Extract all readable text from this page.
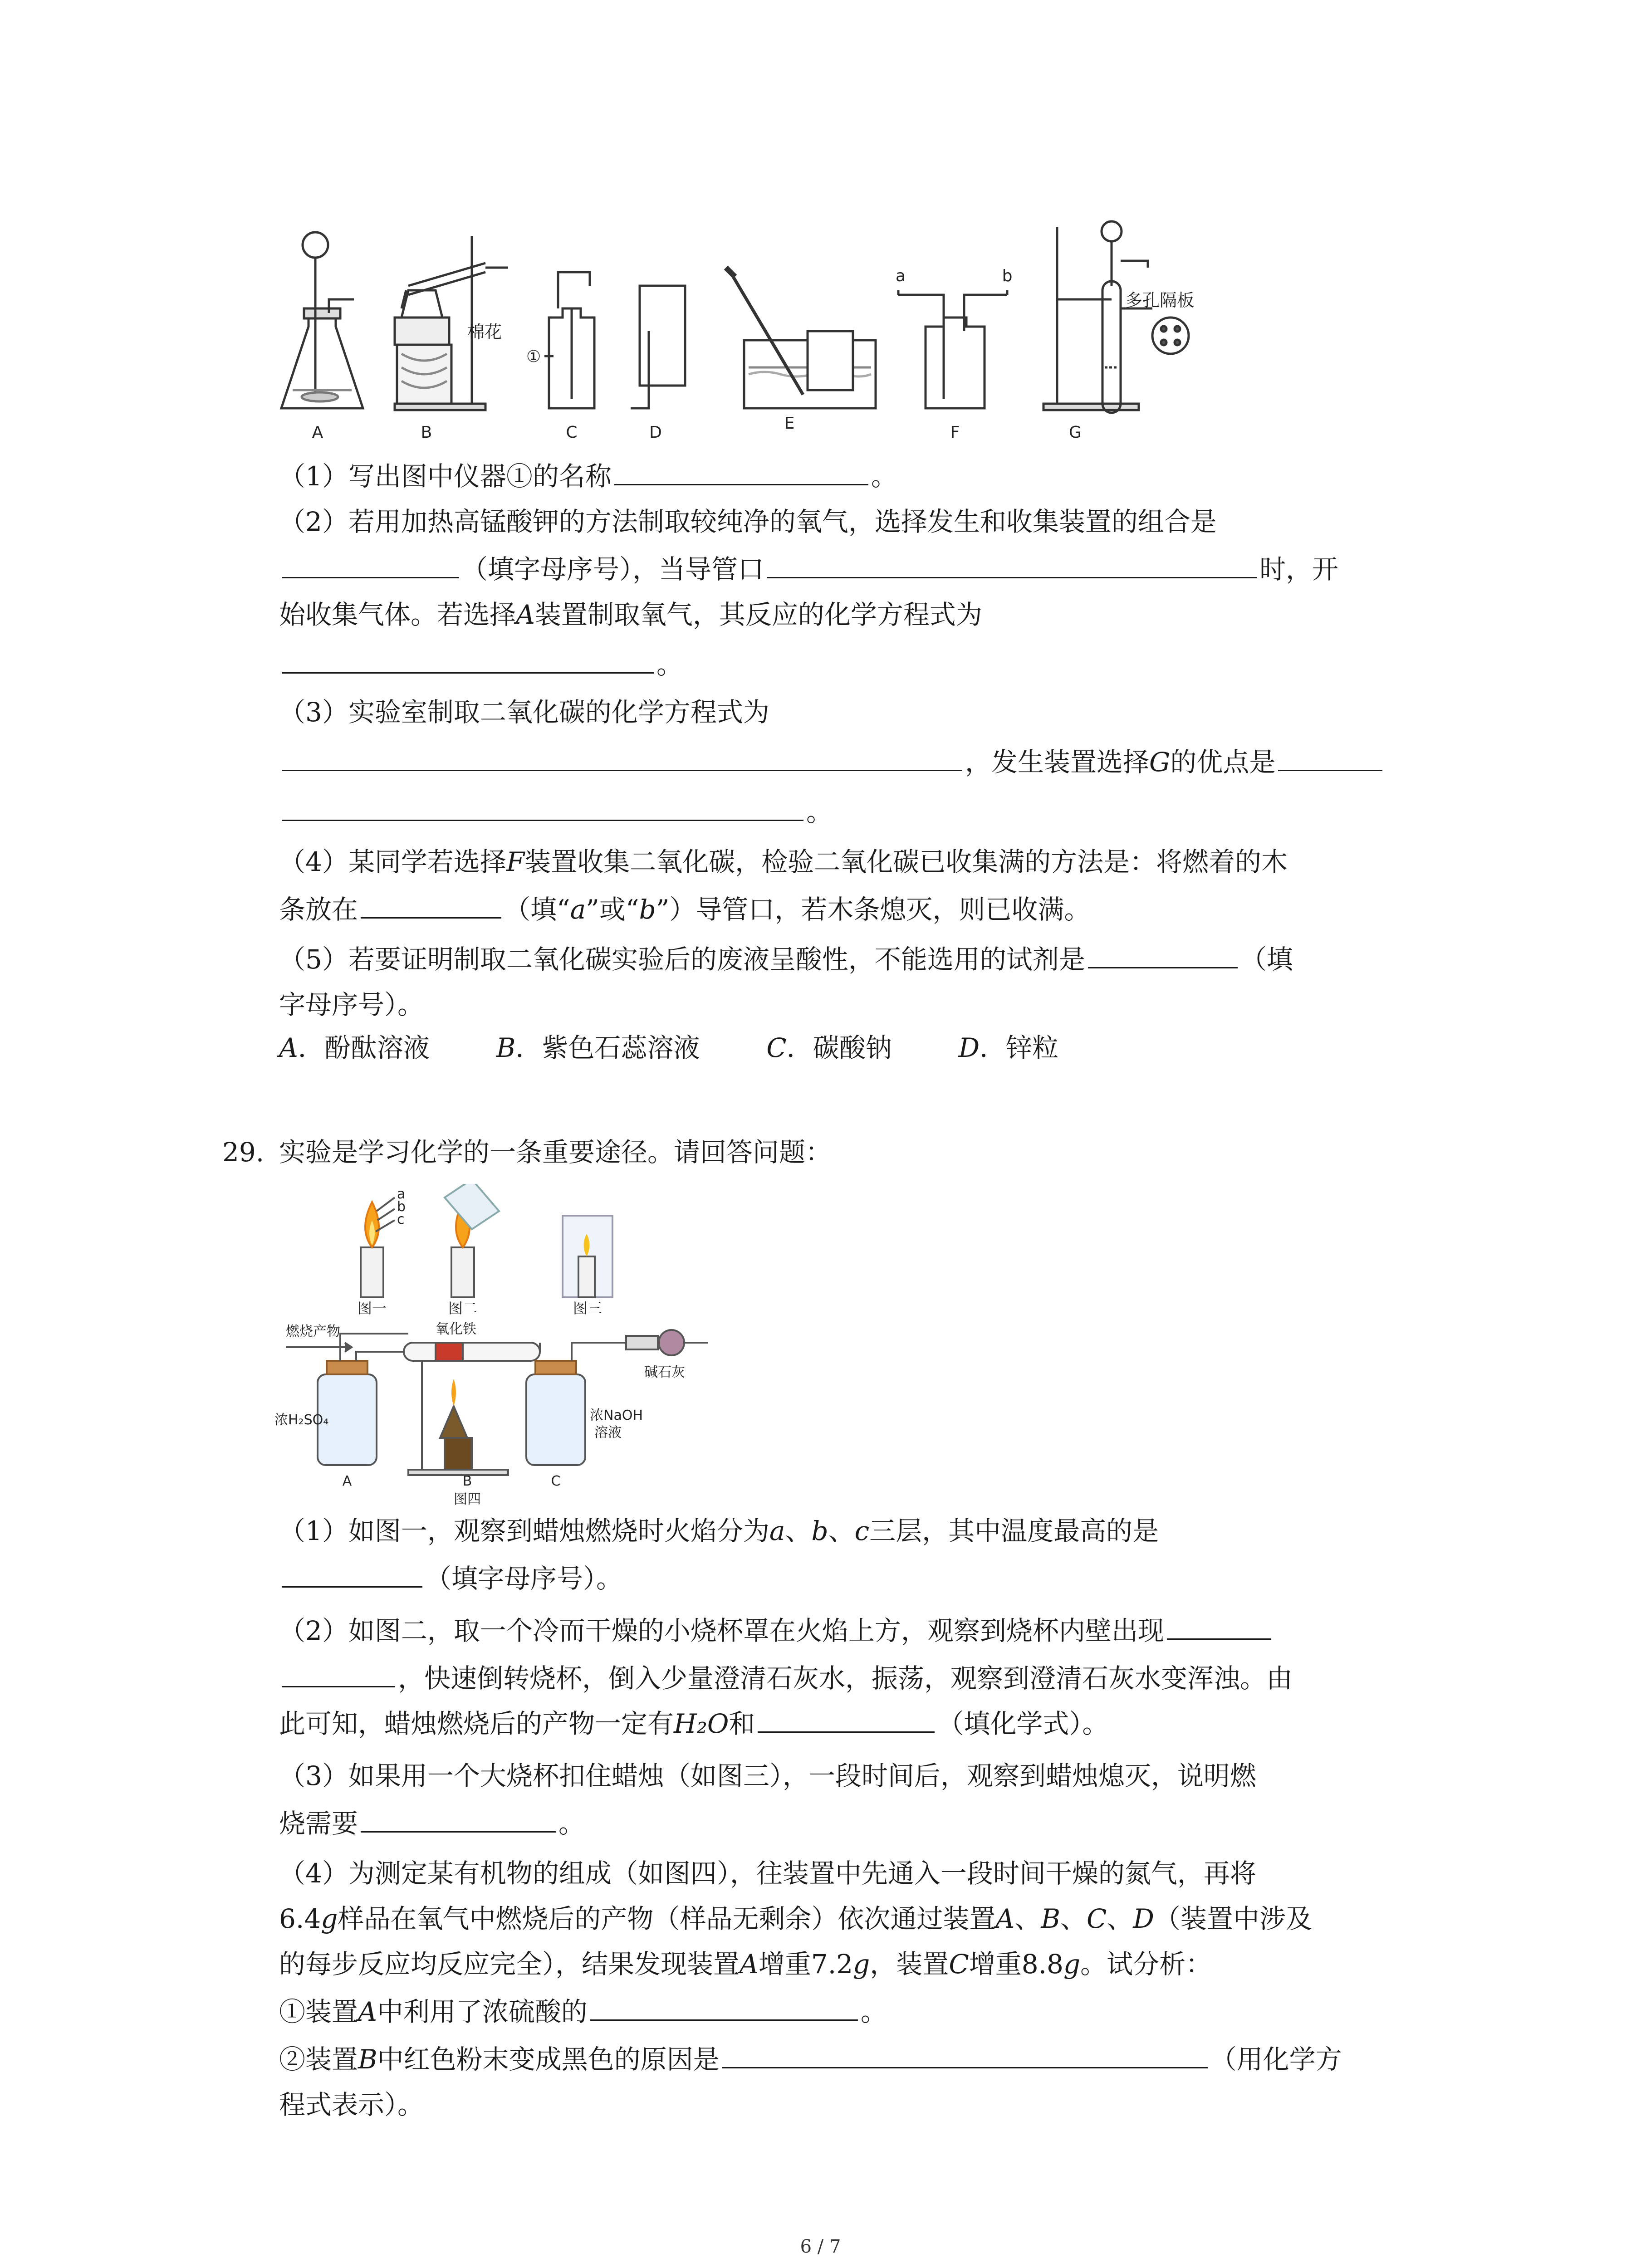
A	B	C	D	E	F	G
棉花
①
a	b
多孔隔板
（1）写出图中仪器①的名称	。
（2）若用加热高锰酸钾的方法制取较纯净的氧气，选择发生和收集装置的组合是
（填字母序号），当导管口	时，开
始收集气体。若选择A装置制取氧气，其反应的化学方程式为
。
（3）实验室制取二氧化碳的化学方程式为
，发生装置选择G的优点是
。
（4）某同学若选择F装置收集二氧化碳，检验二氧化碳已收集满的方法是：将燃着的木
条放在	（填“a”或“b”）导管口，若木条熄灭，则已收满。
（5）若要证明制取二氧化碳实验后的废液呈酸性，不能选用的试剂是	（填
字母序号）。
A．酚酞溶液	B．紫色石蕊溶液	C．碳酸钠	D．锌粒
29. 实验是学习化学的一条重要途径。请回答问题：
a
b
c
图一	图二	图三
燃烧产物	氧化铁
碱石灰
浓H₂SO₄	浓NaOH
溶液
A	B	C
图四
（1）如图一，观察到蜡烛燃烧时火焰分为a、b、c三层，其中温度最高的是
（填字母序号）。
（2）如图二，取一个冷而干燥的小烧杯罩在火焰上方，观察到烧杯内壁出现
，快速倒转烧杯，倒入少量澄清石灰水，振荡，观察到澄清石灰水变浑浊。由
此可知，蜡烛燃烧后的产物一定有H₂O和	（填化学式）。
（3）如果用一个大烧杯扣住蜡烛（如图三），一段时间后，观察到蜡烛熄灭，说明燃
烧需要	。
（4）为测定某有机物的组成（如图四），往装置中先通入一段时间干燥的氮气，再将
6.4g样品在氧气中燃烧后的产物（样品无剩余）依次通过装置A、B、C、D（装置中涉及
的每步反应均反应完全），结果发现装置A增重7.2g，装置C增重8.8g。试分析：
①装置A中利用了浓硫酸的	。
②装置B中红色粉末变成黑色的原因是	（用化学方
程式表示）。
6 / 7
